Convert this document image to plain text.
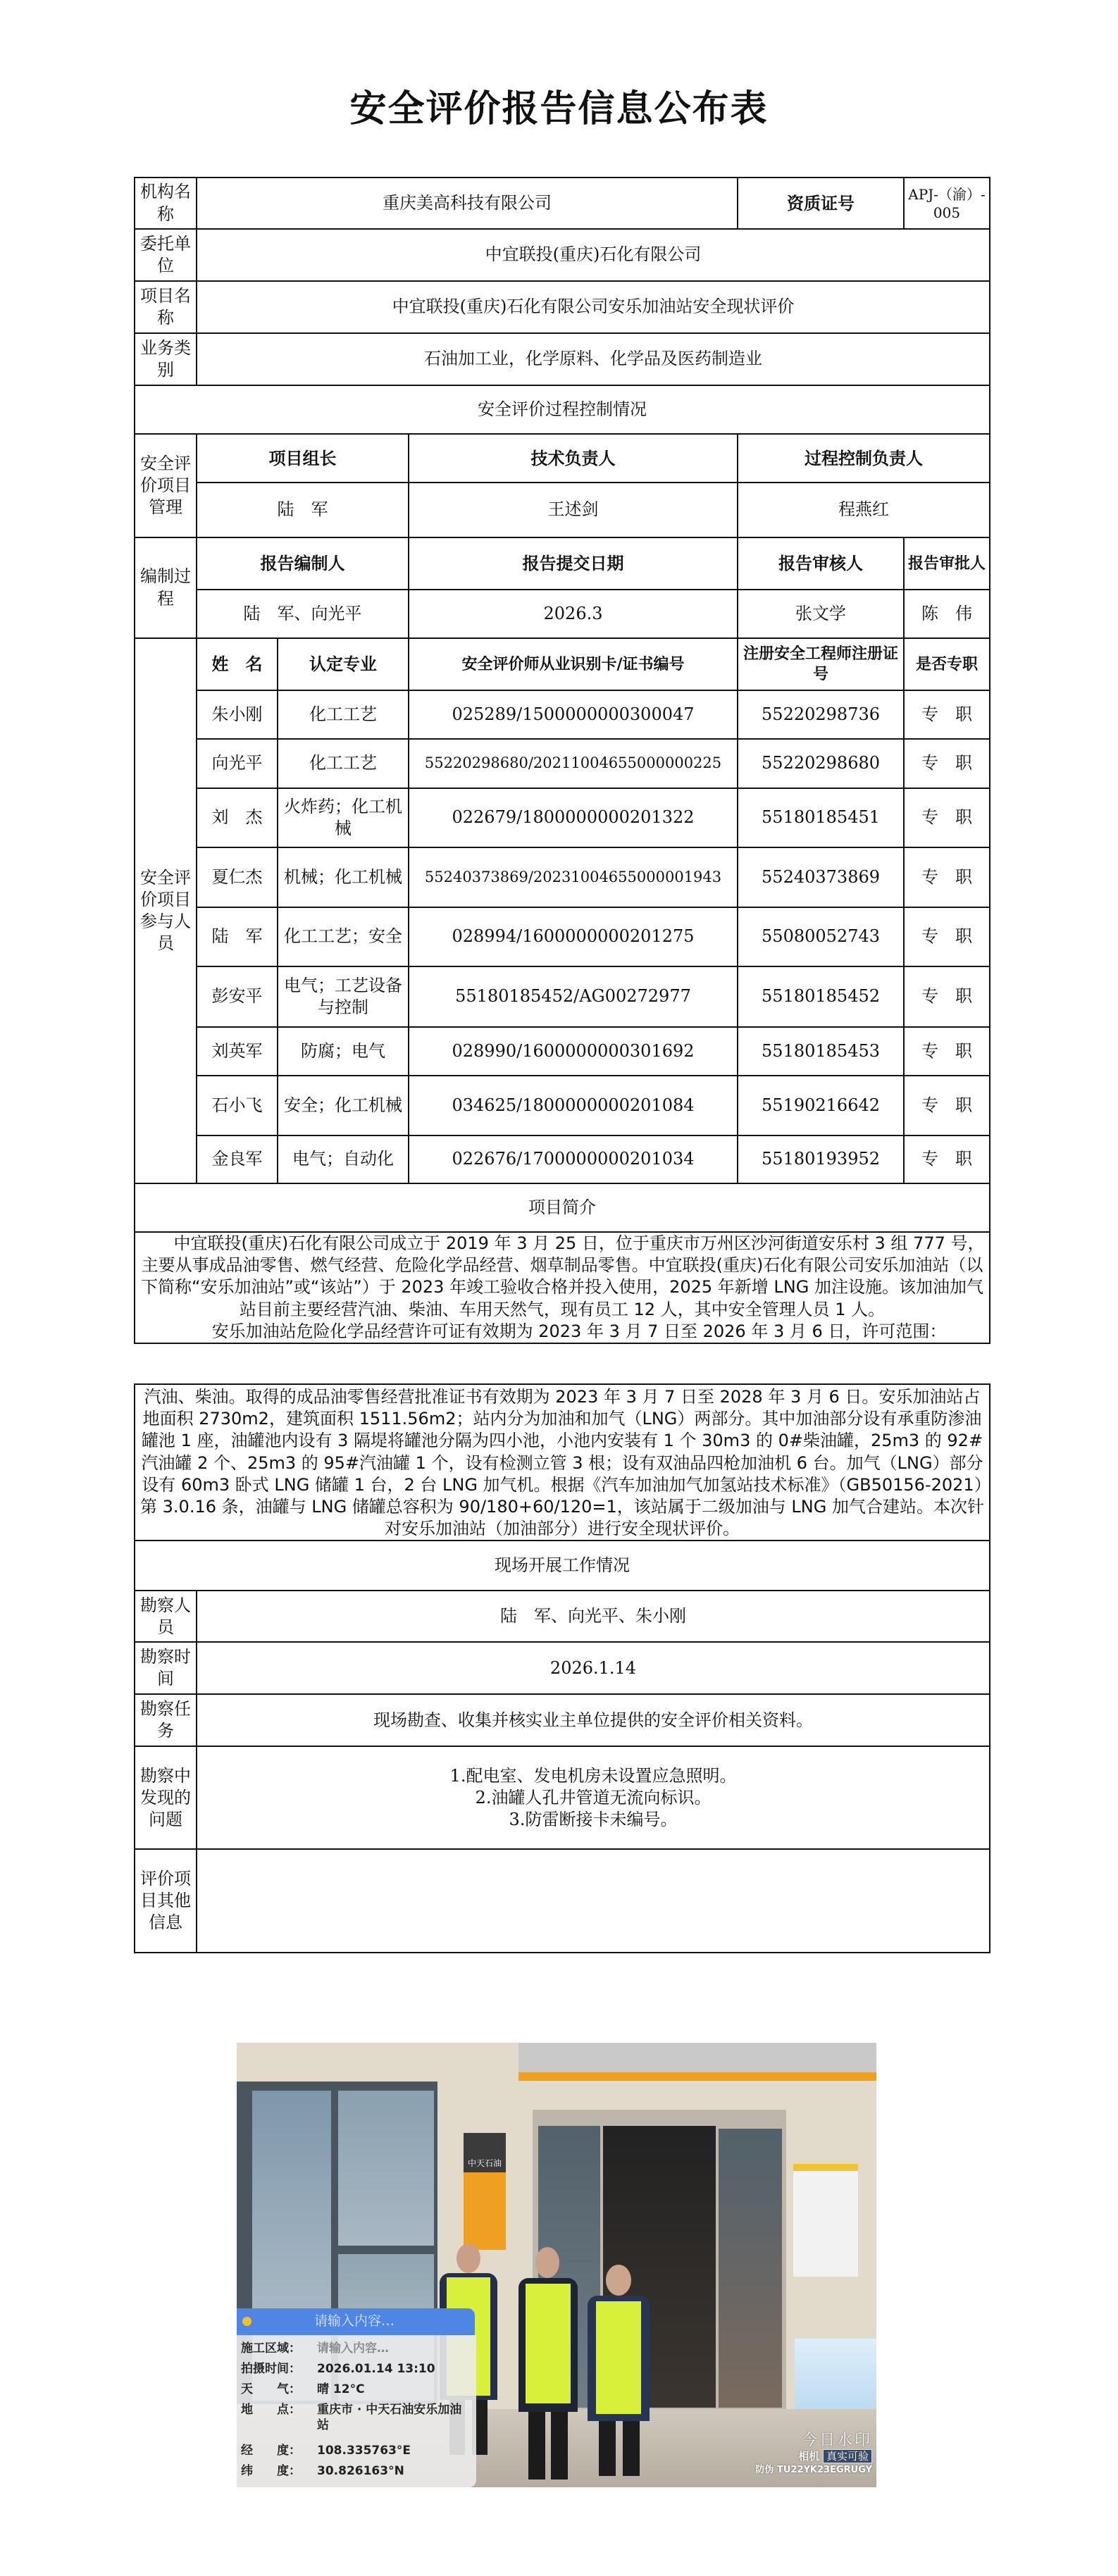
安全评价报告信息公布表
机构名称	重庆美高科技有限公司			资质证号	APJ-（渝）-005
委托单位	中宜联投(重庆)石化有限公司				
项目名称	中宜联投(重庆)石化有限公司安乐加油站安全现状评价				
业务类别	石油加工业，化学原料、化学品及医药制造业				
安全评价过程控制情况					
安全评价项目管理	项目组长		技术负责人	过程控制负责人	
	陆　军		王述剑	程燕红	
编制过程	报告编制人		报告提交日期	报告审核人	报告审批人
	陆　军、向光平		2026.3	张文学	陈　伟
安全评价项目参与人员	姓　名	认定专业	安全评价师从业识别卡/证书编号	注册安全工程师注册证号	是否专职
	朱小刚	化工工艺	025289/1500000000300047	55220298736	专　职
	向光平	化工工艺	55220298680/20211004655000000225	55220298680	专　职
	刘　杰	火炸药；化工机械	022679/1800000000201322	55180185451	专　职
	夏仁杰	机械；化工机械	55240373869/20231004655000001943	55240373869	专　职
	陆　军	化工工艺；安全	028994/1600000000201275	55080052743	专　职
	彭安平	电气；工艺设备与控制	55180185452/AG00272977	55180185452	专　职
	刘英军	防腐；电气	028990/1600000000301692	55180185453	专　职
	石小飞	安全；化工机械	034625/1800000000201084	55190216642	专　职
	金良军	电气；自动化	022676/1700000000201034	55180193952	专　职
项目简介					

中宜联投(重庆)石化有限公司成立于 2019 年 3 月 25 日，位于重庆市万州区沙河街道安乐村 3 组 777 号，主要从事成品油零售、燃气经营、危险化学品经营、烟草制品零售。中宜联投(重庆)石化有限公司安乐加油站（以下简称“安乐加油站”或“该站”）于 2023 年竣工验收合格并投入使用，2025 年新增 LNG 加注设施。该加油加气站目前主要经营汽油、柴油、车用天然气，现有员工 12 人，其中安全管理人员 1 人。

安乐加油站危险化学品经营许可证有效期为 2023 年 3 月 7 日至 2026 年 3 月 6 日，许可范围：					

汽油、柴油。取得的成品油零售经营批准证书有效期为 2023 年 3 月 7 日至 2028 年 3 月 6 日。安乐加油站占地面积 2730m2，建筑面积 1511.56m2；站内分为加油和加气（LNG）两部分。其中加油部分设有承重防渗油罐池 1 座，油罐池内设有 3 隔堤将罐池分隔为四小池，小池内安装有 1 个 30m3 的 0#柴油罐，25m3 的 92#汽油罐 2 个、25m3 的 95#汽油罐 1 个，设有检测立管 3 根；设有双油品四枪加油机 6 台。加气（LNG）部分设有 60m3 卧式 LNG 储罐 1 台，2 台 LNG 加气机。根据《汽车加油加气加氢站技术标准》（GB50156-2021）第 3.0.16 条，油罐与 LNG 储罐总容积为 90/180+60/120=1，该站属于二级加油与 LNG 加气合建站。本次针对安乐加油站（加油部分）进行安全现状评价。	

现场开展工作情况	
勘察人员	陆　军、向光平、朱小刚
勘察时间	2026.1.14
勘察任务	现场勘查、收集并核实业主单位提供的安全评价相关资料。
勘察中发现的问题	1.配电室、发电机房未设置应急照明。
2.油罐人孔井管道无流向标识。
3.防雷断接卡未编号。

评价项目其他信息	
中天石油
请输入内容…
施工区域： 请输入内容…
拍摄时间： 2026.01.14 13:10
天　　气： 晴 12°C
地　　点：	重庆市 · 中天石油安乐加油站
经　　度： 108.335763°E
纬　　度： 30.826163°N
今日水印
相机 真实可验
防伪 TU22YK23EGRUGY
